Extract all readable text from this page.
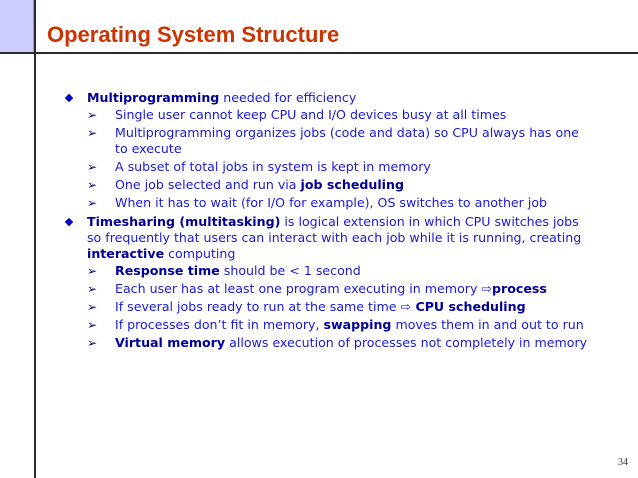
Operating System Structure
Multiprogramming needed for efficiency
➢ Single user cannot keep CPU and I/O devices busy at all times
➢ Multiprogramming organizes jobs (code and data) so CPU always has one to execute
➢ A subset of total jobs in system is kept in memory
➢ One job selected and run via job scheduling
➢ When it has to wait (for I/O for example), OS switches to another job
Timesharing (multitasking) is logical extension in which CPU switches jobs so frequently that users can interact with each job while it is running, creating interactive computing
➢ Response time should be < 1 second
➢ Each user has at least one program executing in memory ⇨process
➢ If several jobs ready to run at the same time ⇨ CPU scheduling
➢ If processes don’t fit in memory, swapping moves them in and out to run
➢ Virtual memory allows execution of processes not completely in memory
34
